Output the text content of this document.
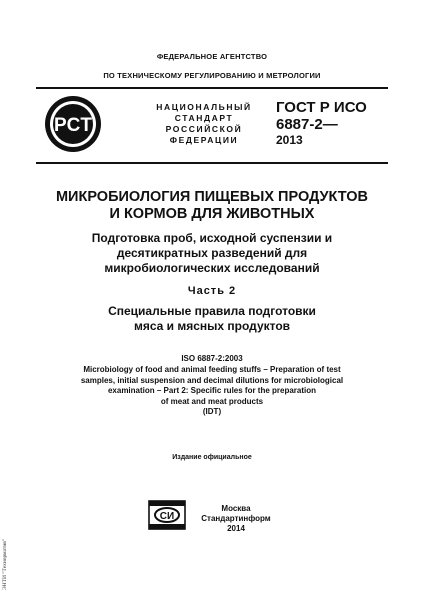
ФЕДЕРАЛЬНОЕ АГЕНТСТВО
ПО ТЕХНИЧЕСКОМУ РЕГУЛИРОВАНИЮ И МЕТРОЛОГИИ
PCT
НАЦИОНАЛЬНЫЙ
СТАНДАРТ
РОССИЙСКОЙ
ФЕДЕРАЦИИ
ГОСТ Р ИСО
6887-2—
2013
МИКРОБИОЛОГИЯ ПИЩЕВЫХ ПРОДУКТОВ
И КОРМОВ ДЛЯ ЖИВОТНЫХ
Подготовка проб, исходной суспензии и
десятикратных разведений для
микробиологических исследований
Часть 2
Специальные правила подготовки
мяса и мясных продуктов
ISO 6887-2:2003
Microbiology of food and animal feeding stuffs – Preparation of test
samples, initial suspension and decimal dilutions for microbiological
examination – Part 2: Specific rules for the preparation
of meat and meat products
(IDT)
Издание официальное
CИ
Москва
Стандартинформ
2014
ЭНТИ "Технорматив"
